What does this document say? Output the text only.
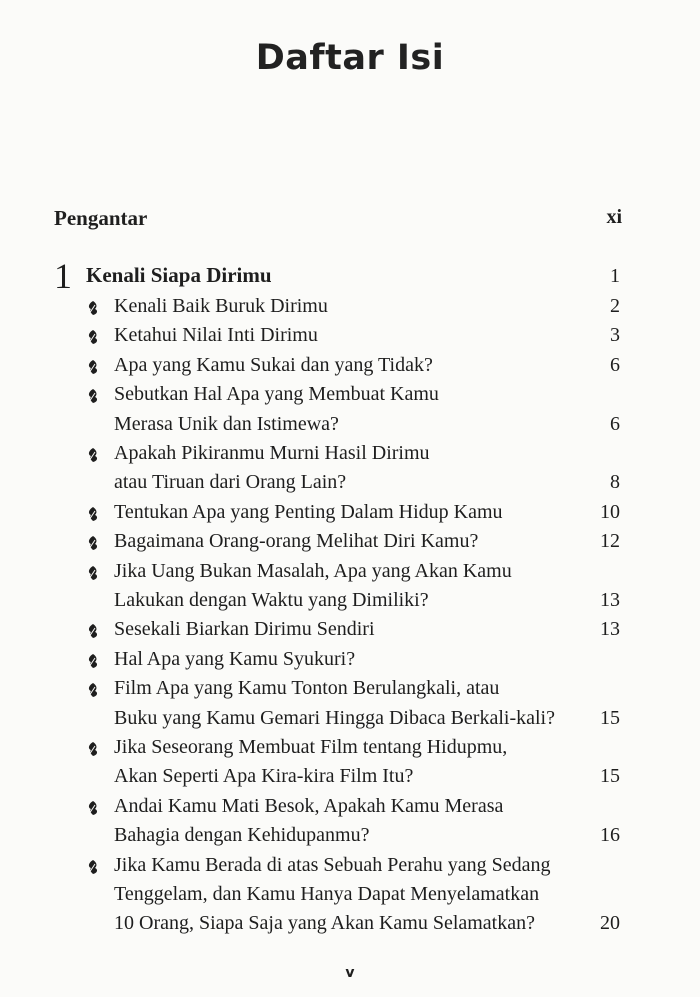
Daftar Isi
Pengantar	xi
1 Kenali Siapa Dirimu	1
Kenali Baik Buruk Dirimu	2
Ketahui Nilai Inti Dirimu	3
Apa yang Kamu Sukai dan yang Tidak?	6
Sebutkan Hal Apa yang Membuat Kamu
Merasa Unik dan Istimewa?	6
Apakah Pikiranmu Murni Hasil Dirimu
atau Tiruan dari Orang Lain?	8
Tentukan Apa yang Penting Dalam Hidup Kamu	10
Bagaimana Orang-orang Melihat Diri Kamu?	12
Jika Uang Bukan Masalah, Apa yang Akan Kamu
Lakukan dengan Waktu yang Dimiliki?	13
Sesekali Biarkan Dirimu Sendiri	13
Hal Apa yang Kamu Syukuri?
Film Apa yang Kamu Tonton Berulangkali, atau
Buku yang Kamu Gemari Hingga Dibaca Berkali-kali? 15
Jika Seseorang Membuat Film tentang Hidupmu,
Akan Seperti Apa Kira-kira Film Itu?	15
Andai Kamu Mati Besok, Apakah Kamu Merasa
Bahagia dengan Kehidupanmu?	16
Jika Kamu Berada di atas Sebuah Perahu yang Sedang
Tenggelam, dan Kamu Hanya Dapat Menyelamatkan
10 Orang, Siapa Saja yang Akan Kamu Selamatkan?	20
v
